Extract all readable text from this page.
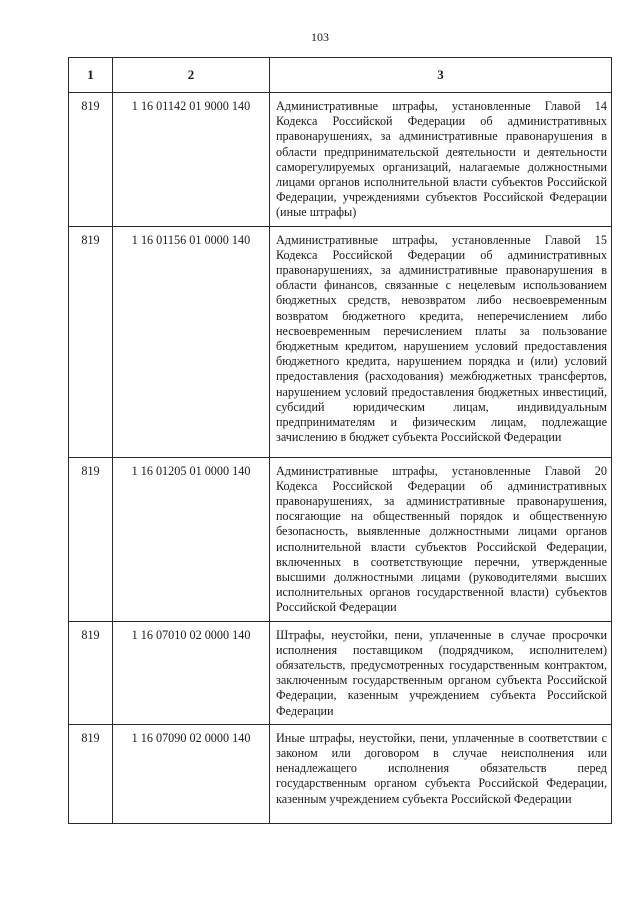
103
1	2	3
819	1 16 01142 01 9000 140	Административные штрафы, установленные Главой 14 Кодекса Российской Федерации об административных правонарушениях, за административные правонарушения в области предпринимательской деятельности и деятельности саморегулируемых организаций, налагаемые должностными лицами органов исполнительной власти субъектов Российской Федерации, учреждениями субъектов Российской Федерации (иные штрафы)
819	1 16 01156 01 0000 140	Административные штрафы, установленные Главой 15 Кодекса Российской Федерации об административных правонарушениях, за административные правонарушения в области финансов, связанные с нецелевым использованием бюджетных средств, невозвратом либо несвоевременным возвратом бюджетного кредита, неперечислением либо несвоевременным перечислением платы за пользование бюджетным кредитом, нарушением условий предоставления бюджетного кредита, нарушением порядка и (или) условий предоставления (расходования) межбюджетных трансфертов, нарушением условий предоставления бюджетных инвестиций, субсидий юридическим лицам, индивидуальным предпринимателям и физическим лицам, подлежащие зачислению в бюджет субъекта Российской Федерации
819	1 16 01205 01 0000 140	Административные штрафы, установленные Главой 20 Кодекса Российской Федерации об административных правонарушениях, за административные правонарушения, посягающие на общественный порядок и общественную безопасность, выявленные должностными лицами органов исполнительной власти субъектов Российской Федерации, включенных в соответствующие перечни, утвержденные высшими должностными лицами (руководителями высших исполнительных органов государственной власти) субъектов Российской Федерации
819	1 16 07010 02 0000 140	Штрафы, неустойки, пени, уплаченные в случае просрочки исполнения поставщиком (подрядчиком, исполнителем) обязательств, предусмотренных государственным контрактом, заключенным государственным органом субъекта Российской Федерации, казенным учреждением субъекта Российской Федерации
819	1 16 07090 02 0000 140	Иные штрафы, неустойки, пени, уплаченные в соответствии с законом или договором в случае неисполнения или ненадлежащего исполнения обязательств перед государственным органом субъекта Российской Федерации, казенным учреждением субъекта Российской Федерации
